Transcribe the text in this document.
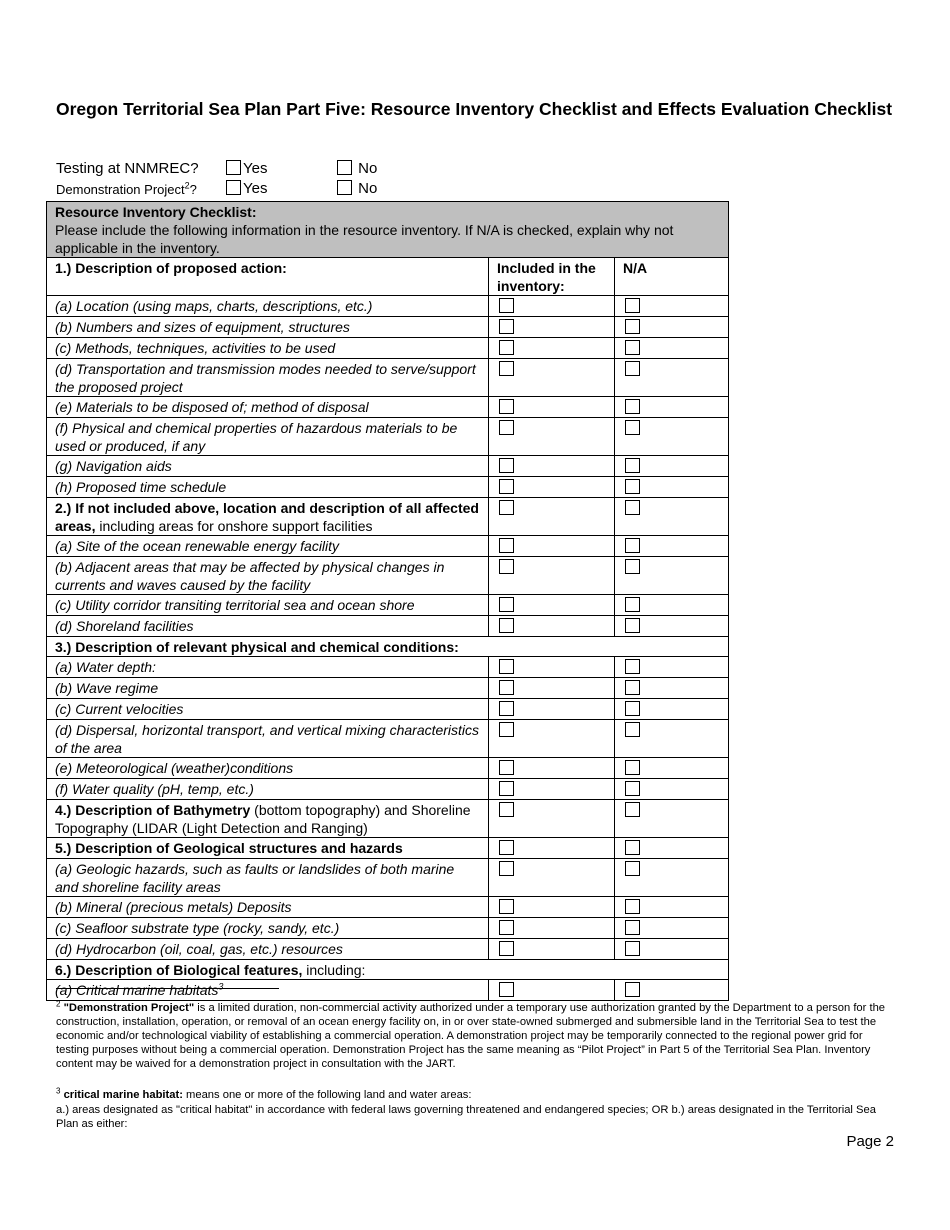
Oregon Territorial Sea Plan Part Five: Resource Inventory Checklist and Effects Evaluation Checklist
Testing at NNMREC?	Yes	No
Demonstration Project$^2$?	Yes	No
Resource Inventory Checklist:
Please include the following information in the resource inventory. If N/A is checked, explain why not applicable in the inventory.		

1.) Description of proposed action:	Included in the inventory:	N/A
(a) Location (using maps, charts, descriptions, etc.)		
(b) Numbers and sizes of equipment, structures		
(c) Methods, techniques, activities to be used		
(d) Transportation and transmission modes needed to serve/support the proposed project		
(e) Materials to be disposed of; method of disposal		
(f) Physical and chemical properties of hazardous materials to be used or produced, if any		
(g) Navigation aids		
(h) Proposed time schedule		
2.) If not included above, location and description of all affected areas, including areas for onshore support facilities		
(a) Site of the ocean renewable energy facility		
(b) Adjacent areas that may be affected by physical changes in currents and waves caused by the facility		
(c) Utility corridor transiting territorial sea and ocean shore		
(d) Shoreland facilities		
3.) Description of relevant physical and chemical conditions:		
(a) Water depth:		
(b) Wave regime		
(c) Current velocities		
(d) Dispersal, horizontal transport, and vertical mixing characteristics of the area		
(e) Meteorological (weather)conditions		
(f) Water quality (pH, temp, etc.)		
4.) Description of Bathymetry (bottom topography) and Shoreline Topography (LIDAR (Light Detection and Ranging)		
5.) Description of Geological structures and hazards		
(a) Geologic hazards, such as faults or landslides of both marine and shoreline facility areas		
(b) Mineral (precious metals) Deposits		
(c) Seafloor substrate type (rocky, sandy, etc.)		
(d) Hydrocarbon (oil, coal, gas, etc.) resources		
6.) Description of Biological features, including:		
(a) Critical marine habitats$^3$		
$^2$ "Demonstration Project" is a limited duration, non-commercial activity authorized under a temporary use authorization granted by the Department to a person for the construction, installation, operation, or removal of an ocean energy facility on, in or over state-owned submerged and submersible land in the Territorial Sea to test the economic and/or technological viability of establishing a commercial operation. A demonstration project may be temporarily connected to the regional power grid for testing purposes without being a commercial operation. Demonstration Project has the same meaning as “Pilot Project” in Part 5 of the Territorial Sea Plan. Inventory content may be waived for a demonstration project in consultation with the JART.
$^3$ critical marine habitat: means one or more of the following land and water areas:
a.) areas designated as "critical habitat" in accordance with federal laws governing threatened and endangered species; OR b.) areas designated in the Territorial Sea Plan as either:
Page 2
